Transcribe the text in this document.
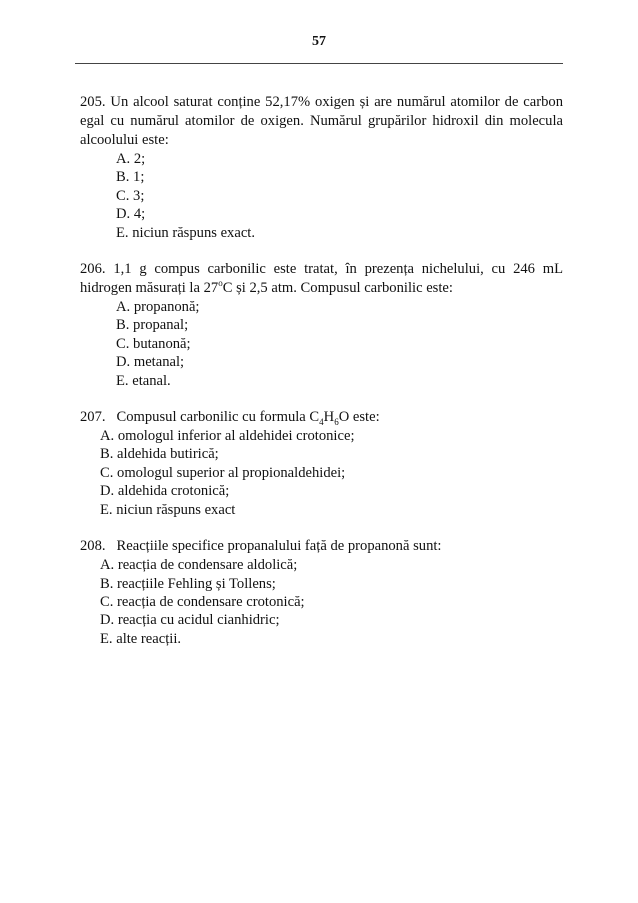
57

205. Un alcool saturat conține 52,17% oxigen și are numărul atomilor de carbon egal cu numărul atomilor de oxigen. Numărul grupărilor hidroxil din molecula alcoolului este:

A. 2;
B. 1;
C. 3;
D. 4;
E. niciun răspuns exact.

206. 1,1 g compus carbonilic este tratat, în prezența nichelului, cu 246 mL hidrogen măsurați la 27$^o$C și 2,5 atm. Compusul carbonilic este:

A. propanonă;
B. propanal;
C. butanonă;
D. metanal;
E. etanal.

207. Compusul carbonilic cu formula $C_4H_6O$ este:

A. omologul inferior al aldehidei crotonice;
B. aldehida butirică;
C. omologul superior al propionaldehidei;
D. aldehida crotonică;
E. niciun răspuns exact

208. Reacțiile specifice propanalului față de propanonă sunt:

A. reacția de condensare aldolică;
B. reacțiile Fehling și Tollens;
C. reacția de condensare crotonică;
D. reacția cu acidul cianhidric;
E. alte reacții.
